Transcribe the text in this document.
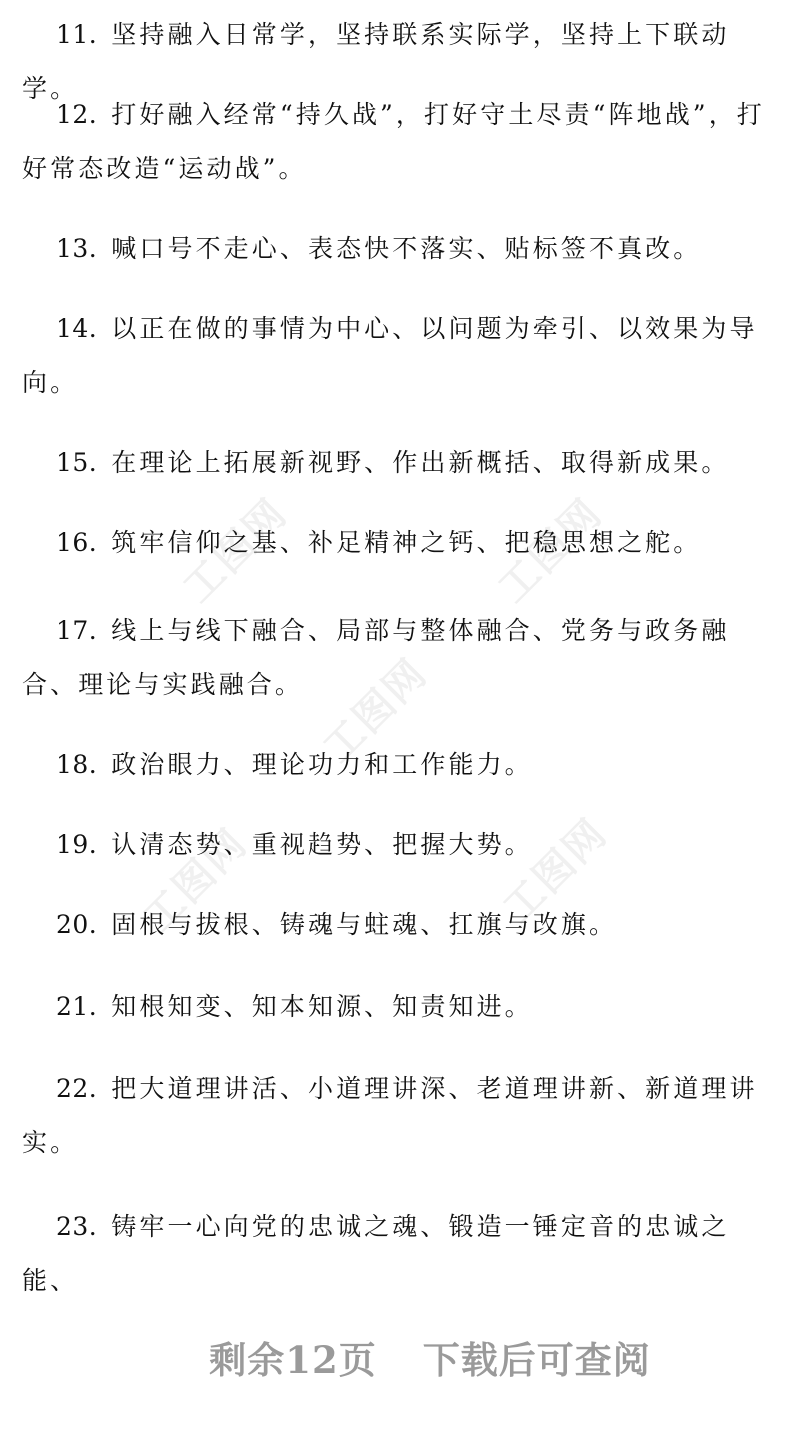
工图网	工图网
工图网
工图网	工图网

11. 坚持融入日常学，坚持联系实际学，坚持上下联动学。

12. 打好融入经常“持久战”，打好守土尽责“阵地战”，打好常态改造“运动战”。

13. 喊口号不走心、表态快不落实、贴标签不真改。

14. 以正在做的事情为中心、以问题为牵引、以效果为导向。

15. 在理论上拓展新视野、作出新概括、取得新成果。

16. 筑牢信仰之基、补足精神之钙、把稳思想之舵。

17. 线上与线下融合、局部与整体融合、党务与政务融合、理论与实践融合。

18. 政治眼力、理论功力和工作能力。

19. 认清态势、重视趋势、把握大势。

20. 固根与拔根、铸魂与蛀魂、扛旗与改旗。

21. 知根知变、知本知源、知责知进。

22. 把大道理讲活、小道理讲深、老道理讲新、新道理讲实。

23. 铸牢一心向党的忠诚之魂、锻造一锤定音的忠诚之能、

剩余12页 下载后可查阅
